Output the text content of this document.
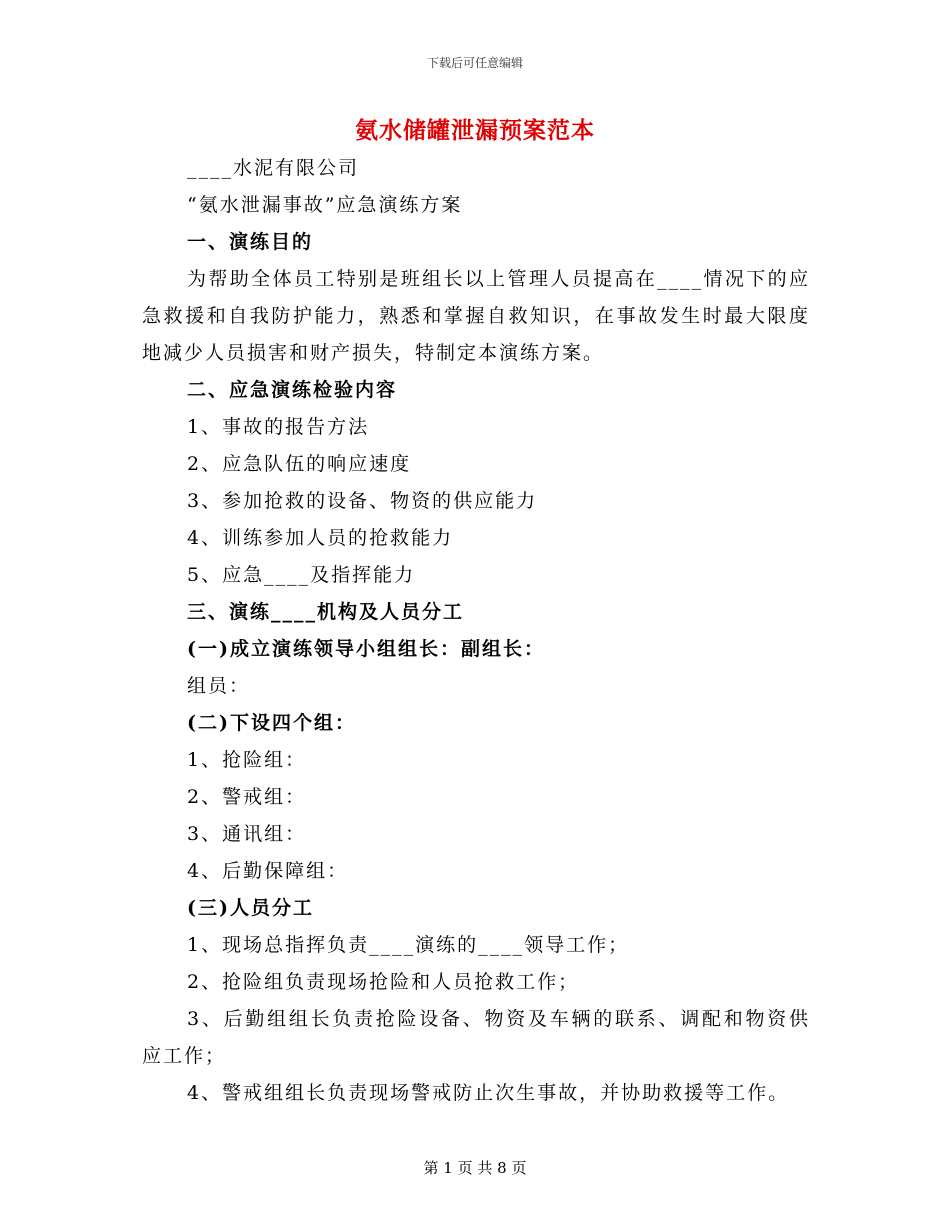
下载后可任意编辑
氨水储罐泄漏预案范本

____水泥有限公司

“氨水泄漏事故”应急演练方案

一、演练目的

为帮助全体员工特别是班组长以上管理人员提高在____情况下的应急救援和自我防护能力，熟悉和掌握自救知识，在事故发生时最大限度地减少人员损害和财产损失，特制定本演练方案。

二、应急演练检验内容

1、事故的报告方法

2、应急队伍的响应速度

3、参加抢救的设备、物资的供应能力

4、训练参加人员的抢救能力

5、应急____及指挥能力

三、演练____机构及人员分工

(一)成立演练领导小组组长：副组长：

组员：

(二)下设四个组：

1、抢险组：

2、警戒组：

3、通讯组：

4、后勤保障组：

(三)人员分工

1、现场总指挥负责____演练的____领导工作；

2、抢险组负责现场抢险和人员抢救工作；

3、后勤组组长负责抢险设备、物资及车辆的联系、调配和物资供应工作；

4、警戒组组长负责现场警戒防止次生事故，并协助救援等工作。

第 1 页 共 8 页
